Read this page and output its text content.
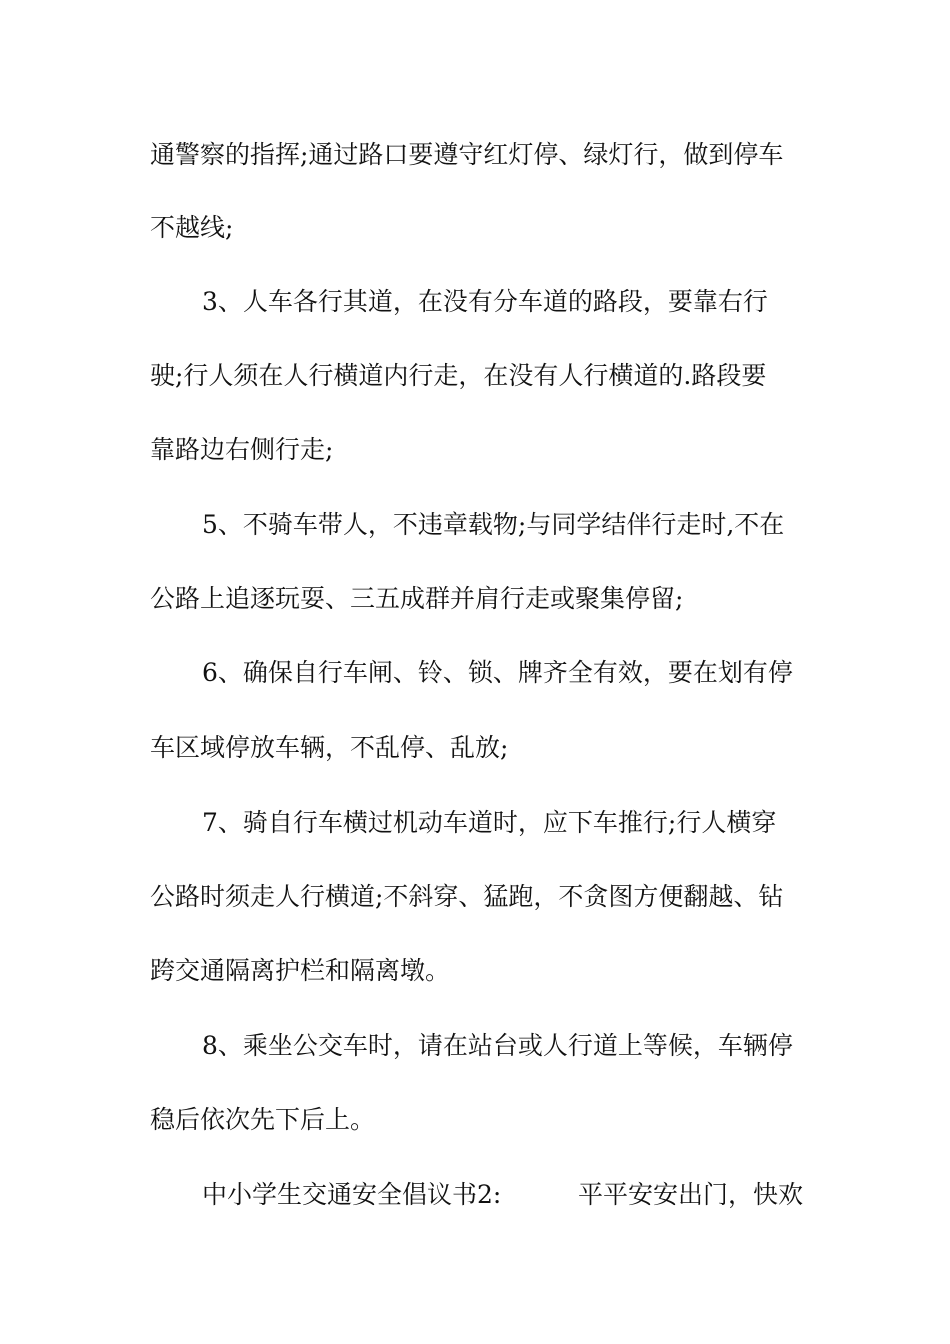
通警察的指挥;通过路口要遵守红灯停、绿灯行，做到停车
不越线;
3、人车各行其道，在没有分车道的路段，要靠右行
驶;行人须在人行横道内行走，在没有人行横道的.路段要
靠路边右侧行走;
5、不骑车带人，不违章载物;与同学结伴行走时,不在
公路上追逐玩耍、三五成群并肩行走或聚集停留;
6、确保自行车闸、铃、锁、牌齐全有效，要在划有停
车区域停放车辆，不乱停、乱放;
7、骑自行车横过机动车道时，应下车推行;行人横穿
公路时须走人行横道;不斜穿、猛跑，不贪图方便翻越、钻
跨交通隔离护栏和隔离墩。
8、乘坐公交车时，请在站台或人行道上等候，车辆停
稳后依次先下后上。
中小学生交通安全倡议书2:	平平安安出门，快欢
